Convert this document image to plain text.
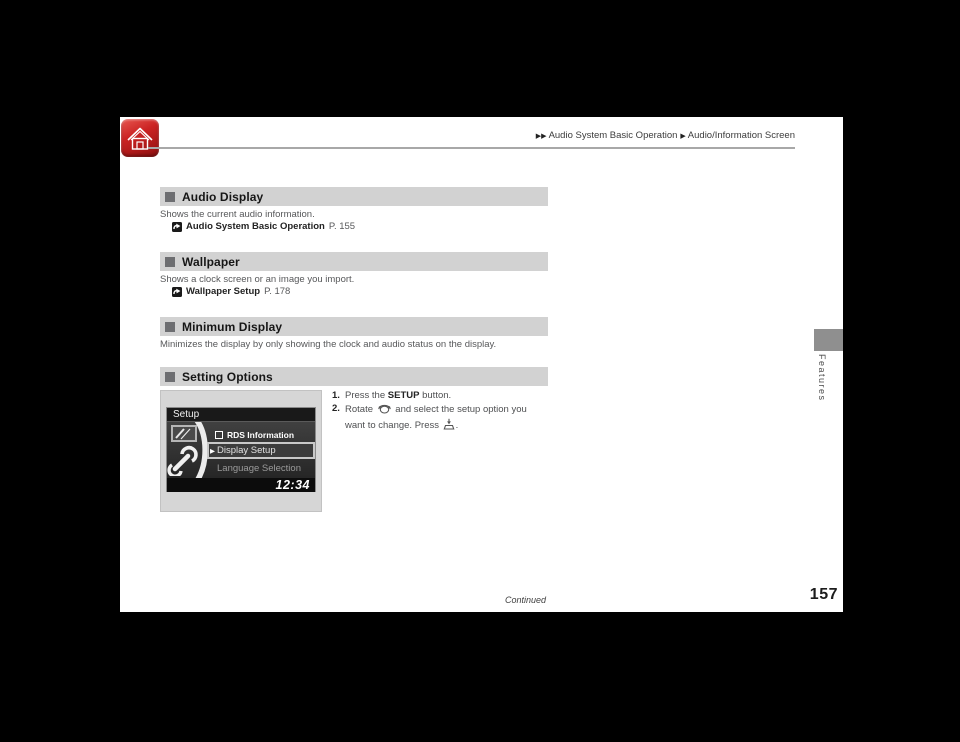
▶▶ Audio System Basic Operation ▶ Audio/Information Screen
Features
Audio Display
Shows the current audio information.
Audio System Basic Operation P. 155
Wallpaper
Shows a clock screen or an image you import.
Wallpaper Setup P. 178
Minimum Display
Minimizes the display by only showing the clock and audio status on the display.
Setting Options
Setup
RDS Information
▶ Display Setup
Language Selection
12:34
1. Press the SETUP button.
2. Rotate  and select the setup option you
want to change. Press .
Continued	157
